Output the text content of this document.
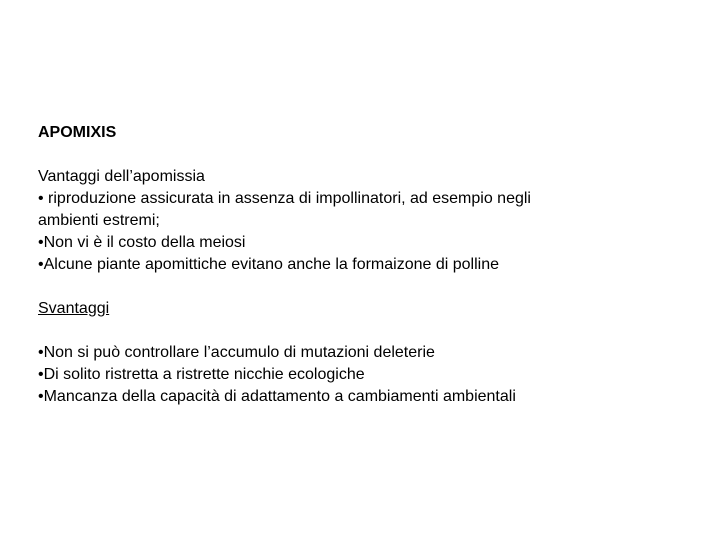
APOMIXIS
Vantaggi dell’apomissia
• riproduzione assicurata in assenza di impollinatori, ad esempio negli
ambienti estremi;
•Non vi è il costo della meiosi
•Alcune piante apomittiche evitano anche la formaizone di polline
Svantaggi
•Non si può controllare l’accumulo di mutazioni deleterie
•Di solito ristretta a ristrette nicchie ecologiche
•Mancanza della capacità di adattamento a cambiamenti ambientali
